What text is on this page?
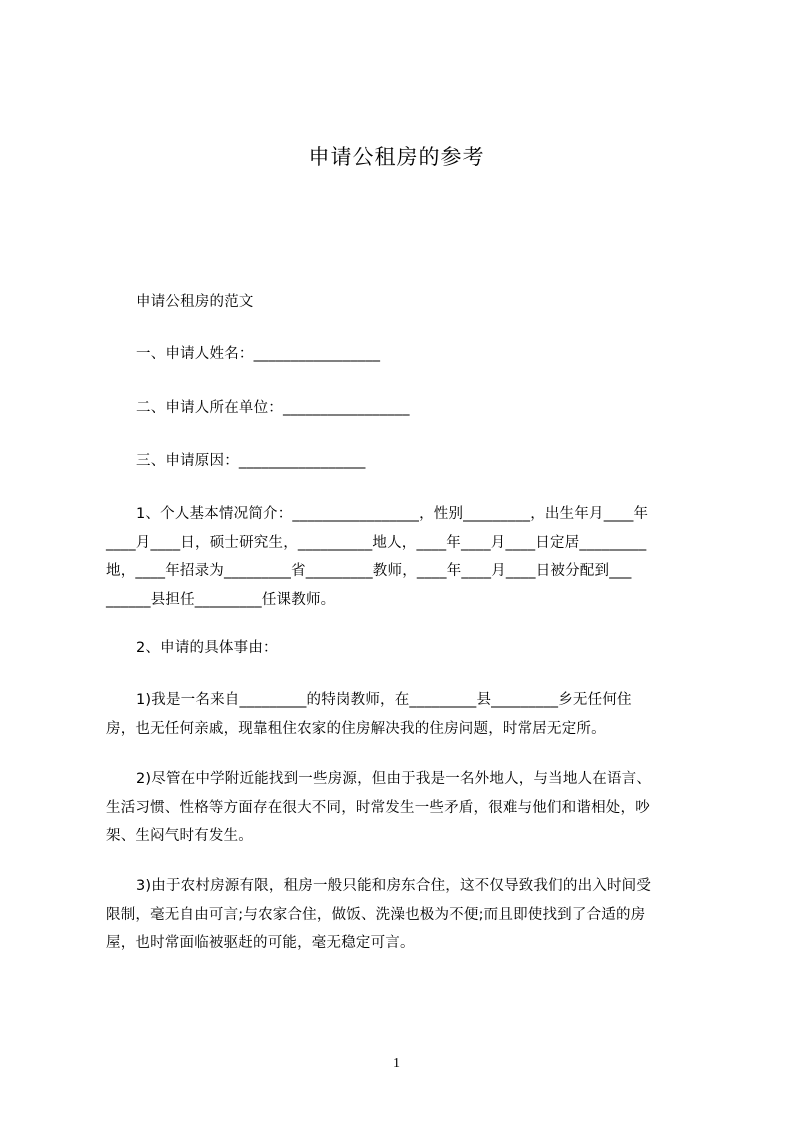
申请公租房的参考
申请公租房的范文
一、申请人姓名：_________________
二、申请人所在单位：_________________
三、申请原因：_________________
1、个人基本情况简介：_________________，性别_________，出生年月____年
____月____日，硕士研究生，__________地人，____年____月____日定居_________
地，____年招录为_________省_________教师，____年____月____日被分配到___
______县担任_________任课教师。
2、申请的具体事由：
1)我是一名来自_________的特岗教师，在_________县_________乡无任何住
房，也无任何亲戚，现靠租住农家的住房解决我的住房问题，时常居无定所。
2)尽管在中学附近能找到一些房源，但由于我是一名外地人，与当地人在语言、
生活习惯、性格等方面存在很大不同，时常发生一些矛盾，很难与他们和谐相处，吵
架、生闷气时有发生。
3)由于农村房源有限，租房一般只能和房东合住，这不仅导致我们的出入时间受
限制，毫无自由可言;与农家合住，做饭、洗澡也极为不便;而且即使找到了合适的房
屋，也时常面临被驱赶的可能，毫无稳定可言。
1
